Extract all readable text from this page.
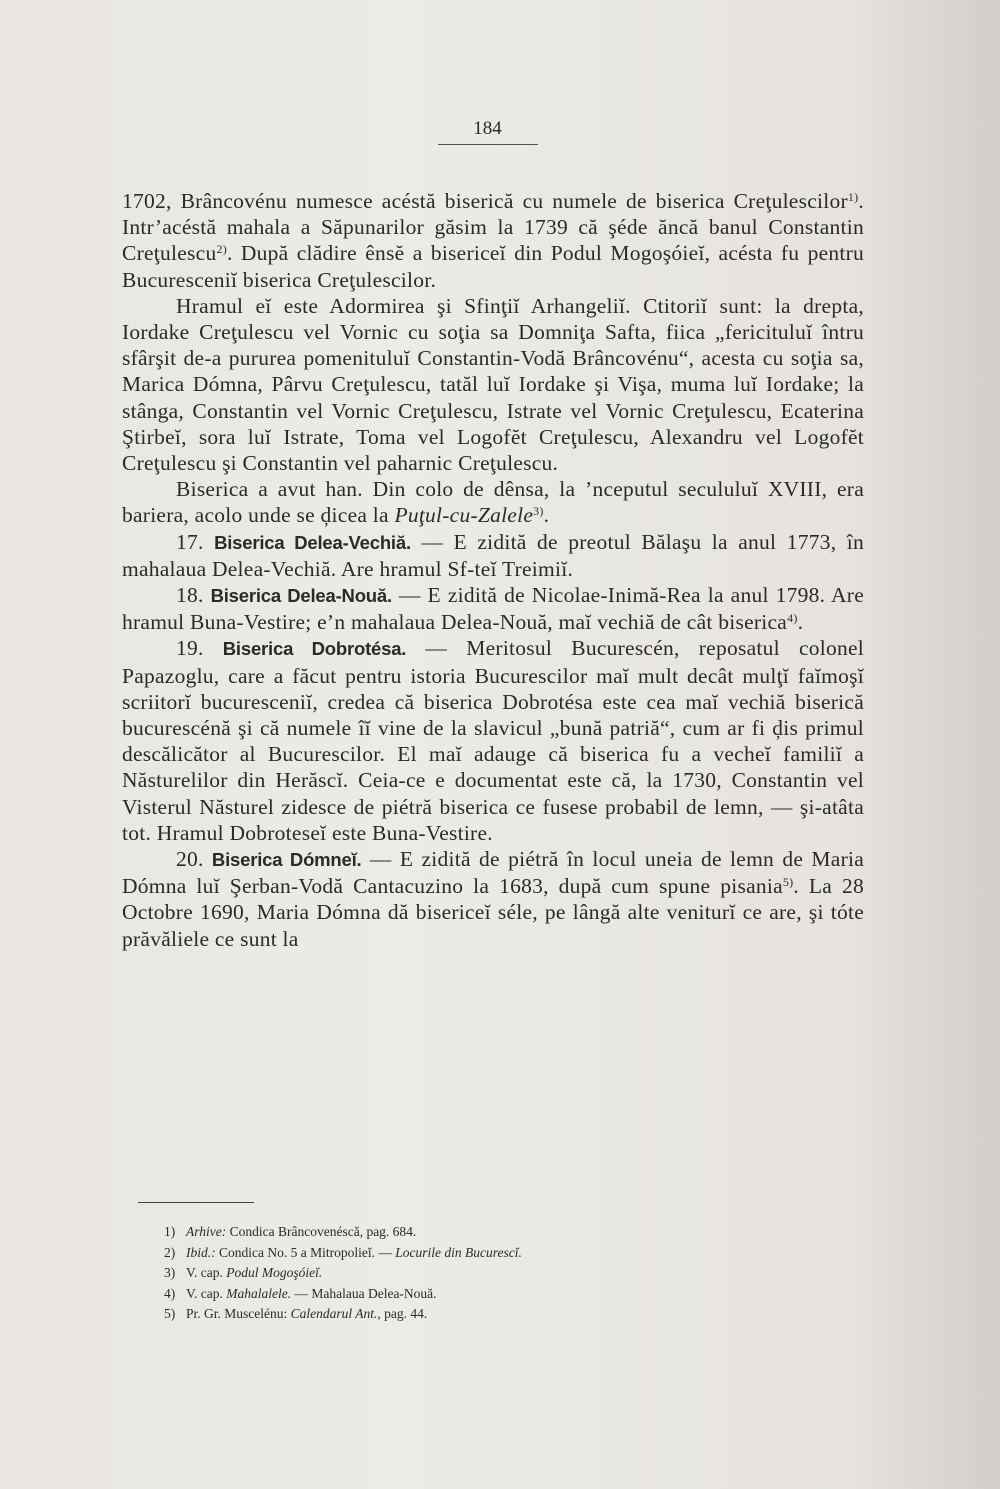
184

1702, Brâncovénu numesce acéstă biserică cu numele de biserica Creţulescilor$^{1)}$. Intr’acéstă mahala a Săpunarilor găsim la 1739 că şéde ăncă banul Constantin Creţulescu$^{2)}$. După clădire ênsĕ a bisericeĭ din Podul Mogoşóieĭ, acésta fu pentru Bucuresceniĭ biserica Creţulescilor.

Hramul eĭ este Adormirea şi Sfinţiĭ Arhangeliĭ. Ctitoriĭ sunt: la drepta, Iordake Creţulescu vel Vornic cu soţia sa Domniţa Safta, fiica „fericituluĭ întru sfârşit de-a pururea pomenituluĭ Constantin-Vodă Brâncovénu“, acesta cu soţia sa, Marica Dómna, Pârvu Creţulescu, tatăl luĭ Iordake şi Vişa, muma luĭ Iordake; la stânga, Constantin vel Vornic Creţulescu, Istrate vel Vornic Creţulescu, Ecaterina Ştirbeĭ, sora luĭ Istrate, Toma vel Logofĕt Creţulescu, Alexandru vel Logofĕt Creţulescu şi Constantin vel paharnic Creţulescu.

Biserica a avut han. Din colo de dênsa, la ’nceputul secululuĭ XVIII, era bariera, acolo unde se ḑicea la Puţul-cu-Zalele$^{3)}$.

17. Biserica Delea-Vechiă. — E zidită de preotul Bălaşu la anul 1773, în mahalaua Delea-Vechiă. Are hramul Sf-teĭ Treimiĭ.

18. Biserica Delea-Nouă. — E zidită de Nicolae-Inimă-Rea la anul 1798. Are hramul Buna-Vestire; e’n mahalaua Delea-Nouă, maĭ vechiă de cât biserica$^{4)}$.

19. Biserica Dobrotésa. — Meritosul Bucurescén, reposatul colonel Papazoglu, care a făcut pentru istoria Bucurescilor maĭ mult decât mulţĭ faĭmoşĭ scriitorĭ bucuresceniĭ, credea că biserica Dobrotésa este cea maĭ vechiă biserică bucurescénă şi că numele îĭ vine de la slavicul „bună patriă“, cum ar fi ḑis primul descălicător al Bucurescilor. El maĭ adauge că biserica fu a vecheĭ familiĭ a Năsturelilor din Herăscĭ. Ceia-ce e documentat este că, la 1730, Constantin vel Visterul Năsturel zidesce de piétră biserica ce fusese probabil de lemn, — şi-atâta tot. Hramul Dobroteseĭ este Buna-Vestire.

20. Biserica Dómneĭ. — E zidită de piétră în locul uneia de lemn de Maria Dómna luĭ Şerban-Vodă Cantacuzino la 1683, după cum spune pisania$^{5)}$. La 28 Octobre 1690, Maria Dómna dă bisericeĭ séle, pe lângă alte veniturĭ ce are, şi tóte prăvăliele ce sunt la

1) Arhive: Condica Brâncovenéscă, pag. 684.

2) Ibid.: Condica No. 5 a Mitropolieĭ. — Locurile din Bucurescĭ.

3) V. cap. Podul Mogoşóieĭ.

4) V. cap. Mahalalele. — Mahalaua Delea-Nouă.

5) Pr. Gr. Muscelénu: Calendarul Ant., pag. 44.
